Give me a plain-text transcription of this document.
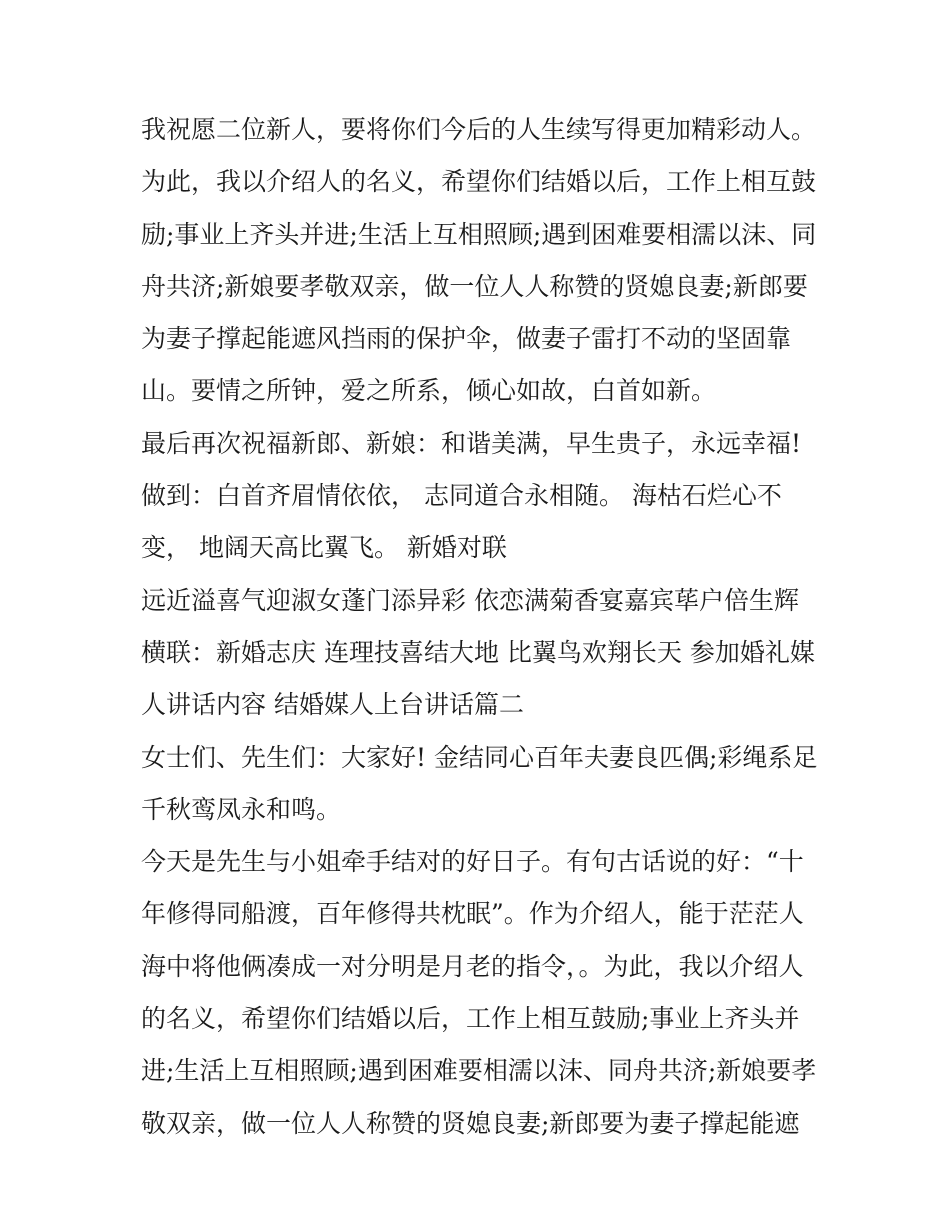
我祝愿二位新人，要将你们今后的人生续写得更加精彩动人。
为此，我以介绍人的名义，希望你们结婚以后，工作上相互鼓
励;事业上齐头并进;生活上互相照顾;遇到困难要相濡以沫、同
舟共济;新娘要孝敬双亲，做一位人人称赞的贤媳良妻;新郎要
为妻子撑起能遮风挡雨的保护伞，做妻子雷打不动的坚固靠
山。要情之所钟，爱之所系，倾心如故，白首如新。
最后再次祝福新郎、新娘：和谐美满，早生贵子，永远幸福!
做到：白首齐眉情依依， 志同道合永相随。 海枯石烂心不
变， 地阔天高比翼飞。 新婚对联
远近溢喜气迎淑女蓬门添异彩 依恋满菊香宴嘉宾荜户倍生辉
横联：新婚志庆 连理技喜结大地 比翼鸟欢翔长天 参加婚礼媒
人讲话内容 结婚媒人上台讲话篇二
女士们、先生们：大家好! 金结同心百年夫妻良匹偶;彩绳系足
千秋鸾凤永和鸣。
今天是先生与小姐牵手结对的好日子。有句古话说的好：“十
年修得同船渡，百年修得共枕眠”。作为介绍人，能于茫茫人
海中将他俩凑成一对分明是月老的指令，。为此，我以介绍人
的名义，希望你们结婚以后，工作上相互鼓励;事业上齐头并
进;生活上互相照顾;遇到困难要相濡以沫、同舟共济;新娘要孝
敬双亲，做一位人人称赞的贤媳良妻;新郎要为妻子撑起能遮
